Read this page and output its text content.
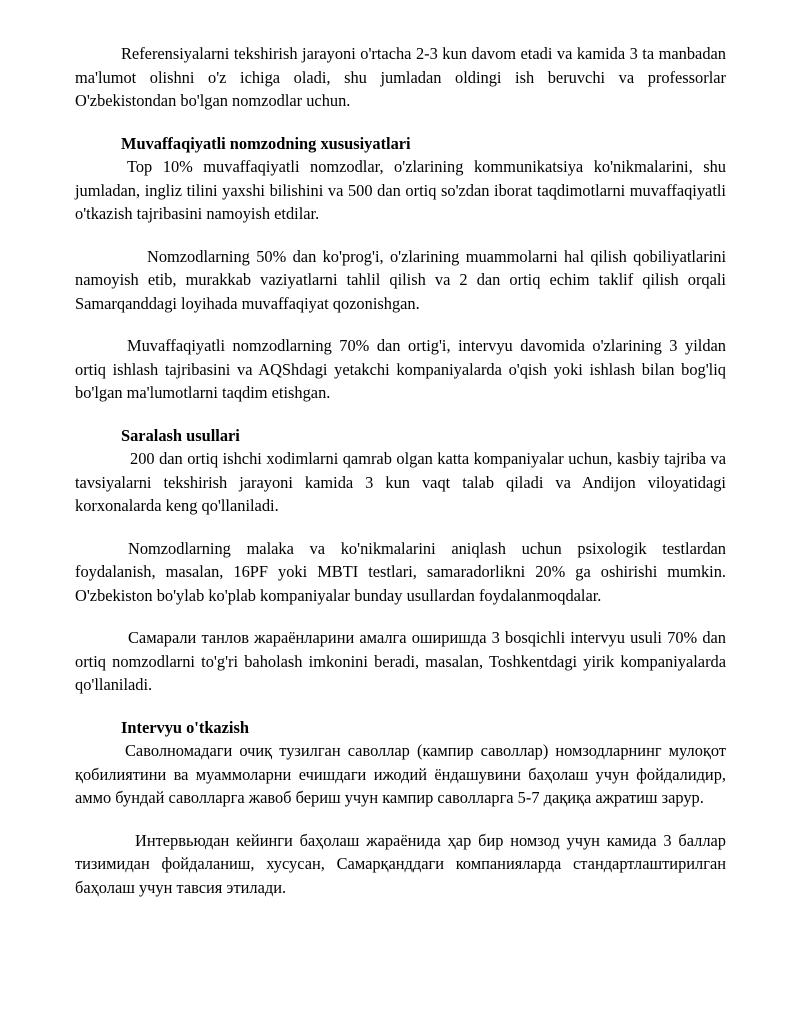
Referensiyalarni tekshirish jarayoni o'rtacha 2-3 kun davom etadi va kamida 3 ta manbadan ma'lumot olishni o'z ichiga oladi, shu jumladan oldingi ish beruvchi va professorlar O'zbekistondan bo'lgan nomzodlar uchun.

Muvaffaqiyatli nomzodning xususiyatlari

Top 10% muvaffaqiyatli nomzodlar, o'zlarining kommunikatsiya ko'nikmalarini, shu jumladan, ingliz tilini yaxshi bilishini va 500 dan ortiq so'zdan iborat taqdimotlarni muvaffaqiyatli o'tkazish tajribasini namoyish etdilar.

Nomzodlarning 50% dan ko'prog'i, o'zlarining muammolarni hal qilish qobiliyatlarini namoyish etib, murakkab vaziyatlarni tahlil qilish va 2 dan ortiq echim taklif qilish orqali Samarqanddagi loyihada muvaffaqiyat qozonishgan.

Muvaffaqiyatli nomzodlarning 70% dan ortig'i, intervyu davomida o'zlarining 3 yildan ortiq ishlash tajribasini va AQShdagi yetakchi kompaniyalarda o'qish yoki ishlash bilan bog'liq bo'lgan ma'lumotlarni taqdim etishgan.

Saralash usullari

200 dan ortiq ishchi xodimlarni qamrab olgan katta kompaniyalar uchun, kasbiy tajriba va tavsiyalarni tekshirish jarayoni kamida 3 kun vaqt talab qiladi va Andijon viloyatidagi korxonalarda keng qo'llaniladi.

Nomzodlarning malaka va ko'nikmalarini aniqlash uchun psixologik testlardan foydalanish, masalan, 16PF yoki MBTI testlari, samaradorlikni 20% ga oshirishi mumkin. O'zbekiston bo'ylab ko'plab kompaniyalar bunday usullardan foydalanmoqdalar.

Самарали танлов жараёнларини амалга оширишда 3 bosqichli intervyu usuli 70% dan ortiq nomzodlarni to'g'ri baholash imkonini beradi, masalan, Toshkentdagi yirik kompaniyalarda qo'llaniladi.

Intervyu o'tkazish

Саволномадаги очиқ тузилган саволлар (кампир саволлар) номзодларнинг мулоқот қобилиятини ва муаммоларни ечишдаги ижодий ёндашувини баҳолаш учун фойдалидир, аммо бундай саволларга жавоб бериш учун кампир саволларга 5-7 дақиқа ажратиш зарур.

Интервьюдан кейинги баҳолаш жараёнида ҳар бир номзод учун камида 3 баллар тизимидан фойдаланиш, хусусан, Самарқанддаги компанияларда стандартлаштирилган баҳолаш учун тавсия этилади.
